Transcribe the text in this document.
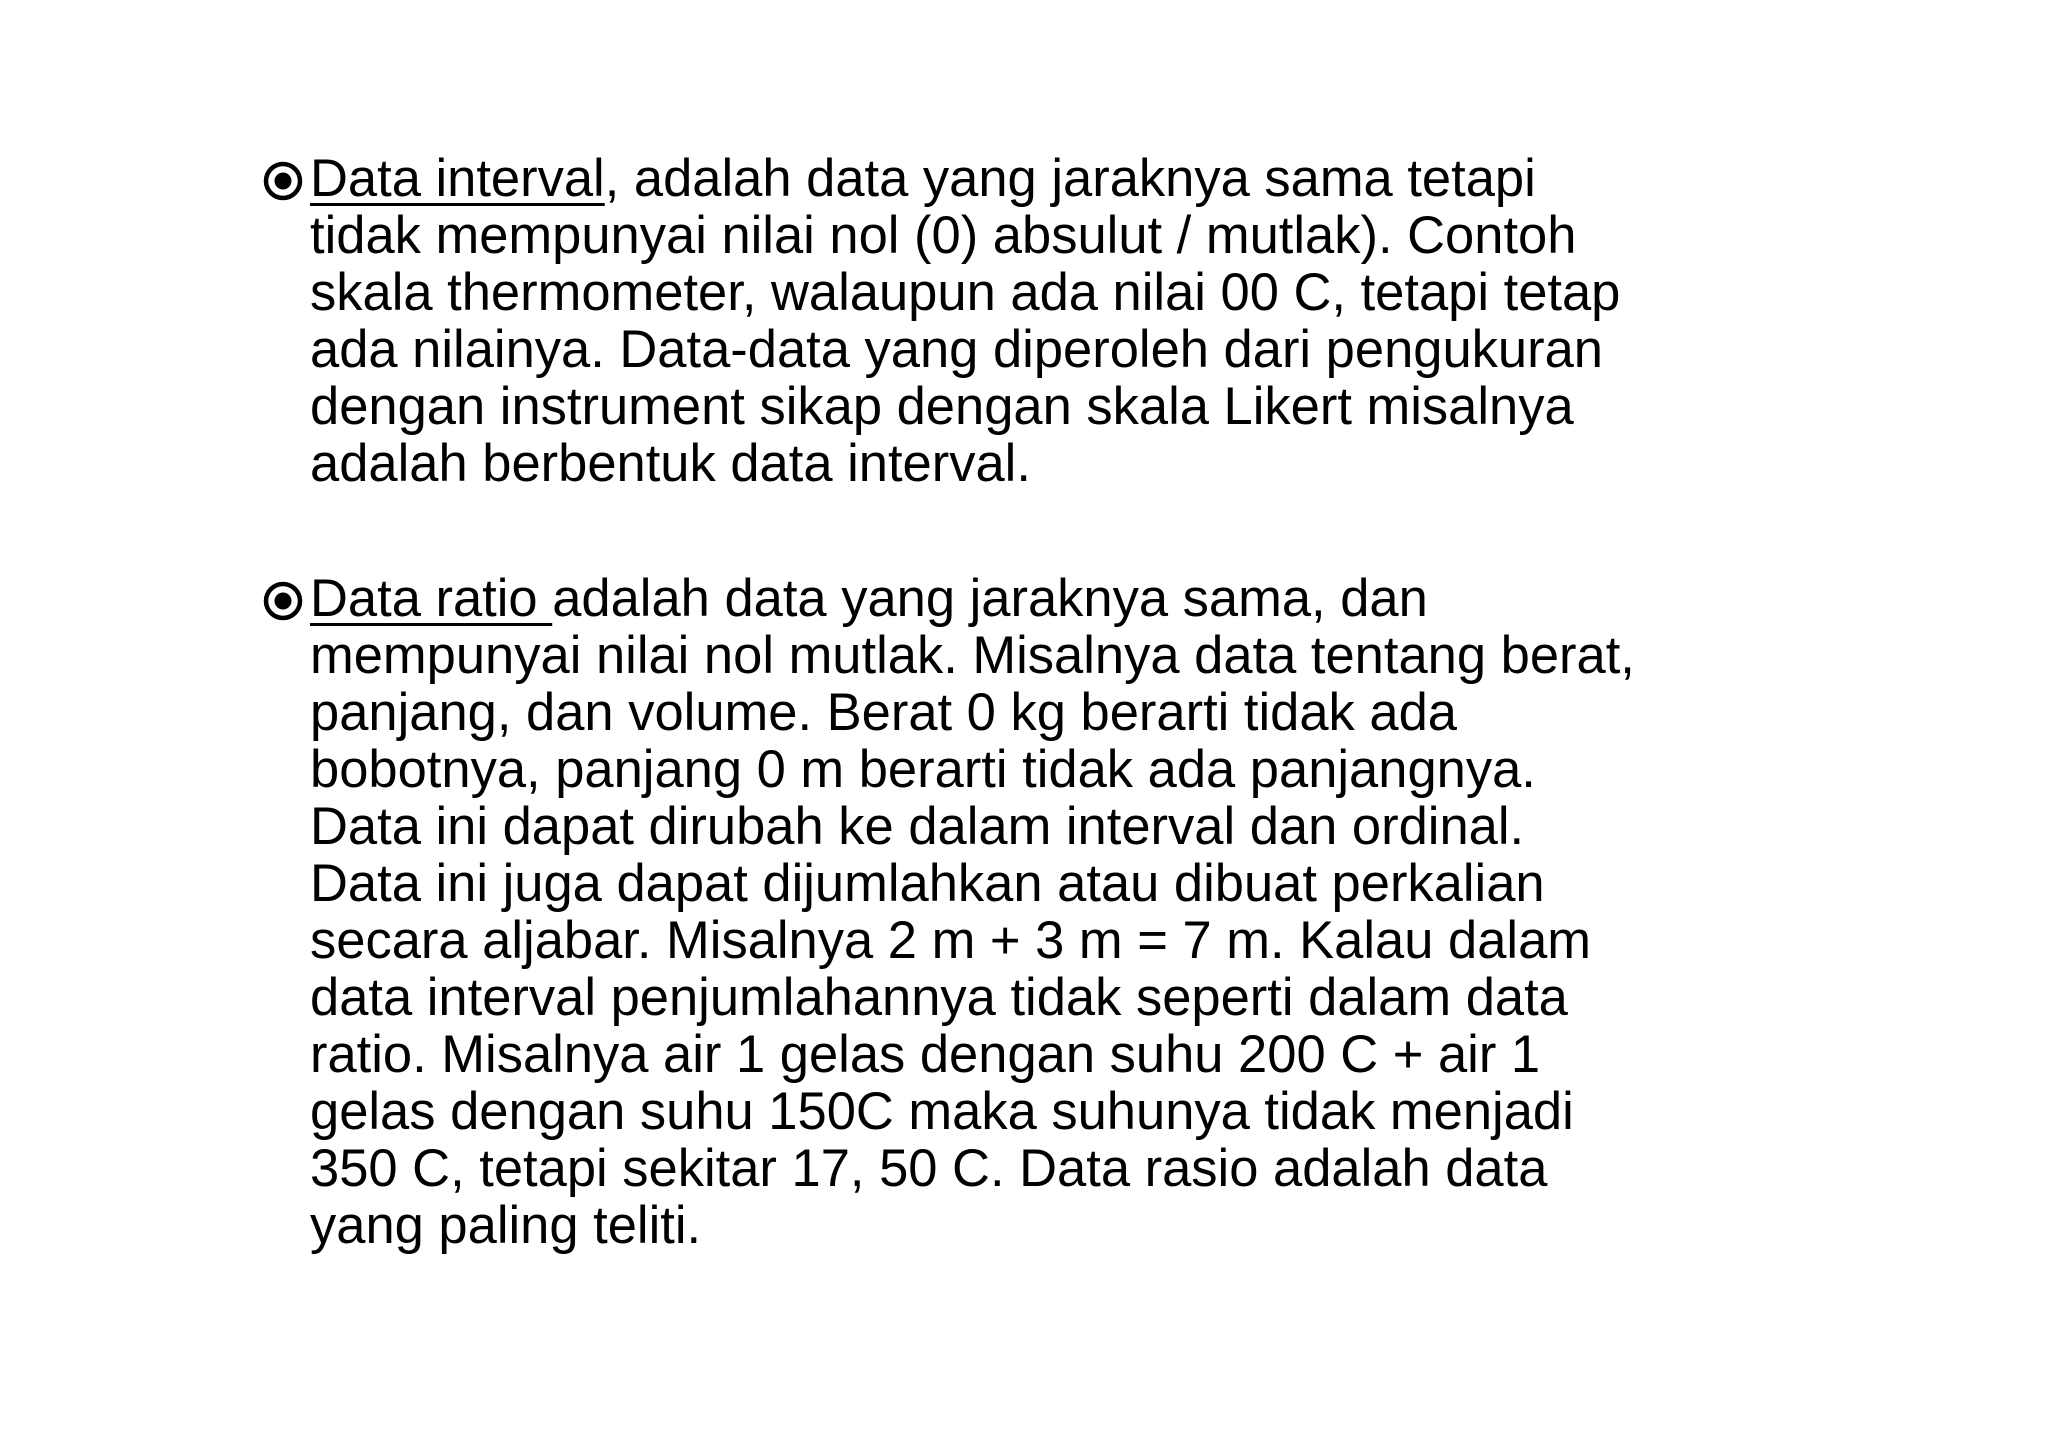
Data interval, adalah data yang jaraknya sama tetapi
tidak mempunyai nilai nol (0) absulut / mutlak). Contoh
skala thermometer, walaupun ada nilai 00 C, tetapi tetap
ada nilainya. Data-data yang diperoleh dari pengukuran
dengan instrument sikap dengan skala Likert misalnya
adalah berbentuk data interval.

Data ratio adalah data yang jaraknya sama, dan
mempunyai nilai nol mutlak. Misalnya data tentang berat,
panjang, dan volume. Berat 0 kg berarti tidak ada
bobotnya, panjang 0 m berarti tidak ada panjangnya.
Data ini dapat dirubah ke dalam interval dan ordinal.
Data ini juga dapat dijumlahkan atau dibuat perkalian
secara aljabar. Misalnya 2 m + 3 m = 7 m. Kalau dalam
data interval penjumlahannya tidak seperti dalam data
ratio. Misalnya air 1 gelas dengan suhu 200 C + air 1
gelas dengan suhu 150C maka suhunya tidak menjadi
350 C, tetapi sekitar 17, 50 C. Data rasio adalah data
yang paling teliti.
